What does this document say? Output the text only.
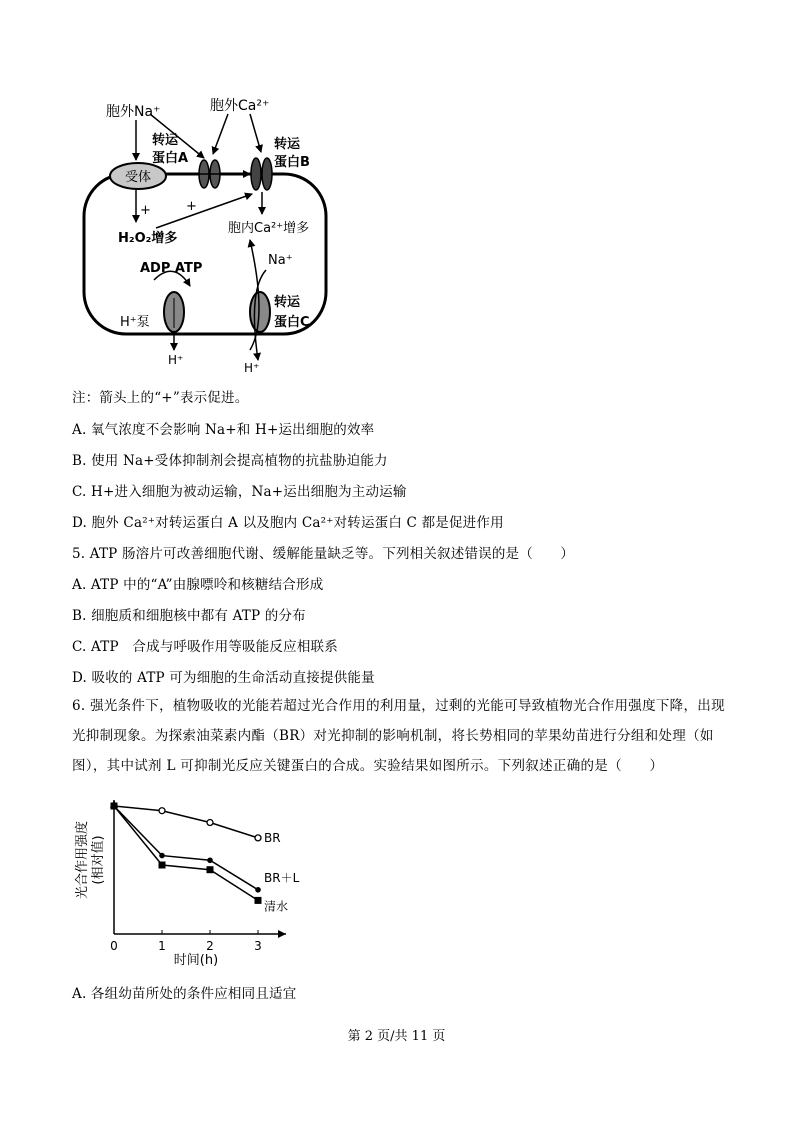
受体
胞外Na⁺	胞外Ca²⁺
转运
蛋白A
转运
蛋白B
+
H₂O₂增多
+
胞内Ca²⁺增多
Na⁺
ADP ATP
H⁺泵
H⁺
H⁺
转运
蛋白C
注：箭头上的“+”表示促进。
A. 氧气浓度不会影响 Na+和 H+运出细胞的效率
B. 使用 Na+受体抑制剂会提高植物的抗盐胁迫能力
C. H+进入细胞为被动运输，Na+运出细胞为主动运输
D. 胞外 Ca²⁺对转运蛋白 A 以及胞内 Ca²⁺对转运蛋白 C 都是促进作用
5. ATP 肠溶片可改善细胞代谢、缓解能量缺乏等。下列相关叙述错误的是（　　）
A. ATP 中的“A”由腺嘌呤和核糖结合形成
B. 细胞质和细胞核中都有 ATP 的分布
C. ATP　合成与呼吸作用等吸能反应相联系
D. 吸收的 ATP 可为细胞的生命活动直接提供能量
6. 强光条件下，植物吸收的光能若超过光合作用的利用量，过剩的光能可导致植物光合作用强度下降，出现光抑制现象。为探索油菜素内酯（BR）对光抑制的影响机制，将长势相同的苹果幼苗进行分组和处理（如图），其中试剂 L 可抑制光反应关键蛋白的合成。实验结果如图所示。下列叙述正确的是（　　）
光合作用强度 (相对值)
时间(h)
0	1	2	3
BR
BR＋L
清水
A. 各组幼苗所处的条件应相同且适宜
第 2 页/共 11 页
